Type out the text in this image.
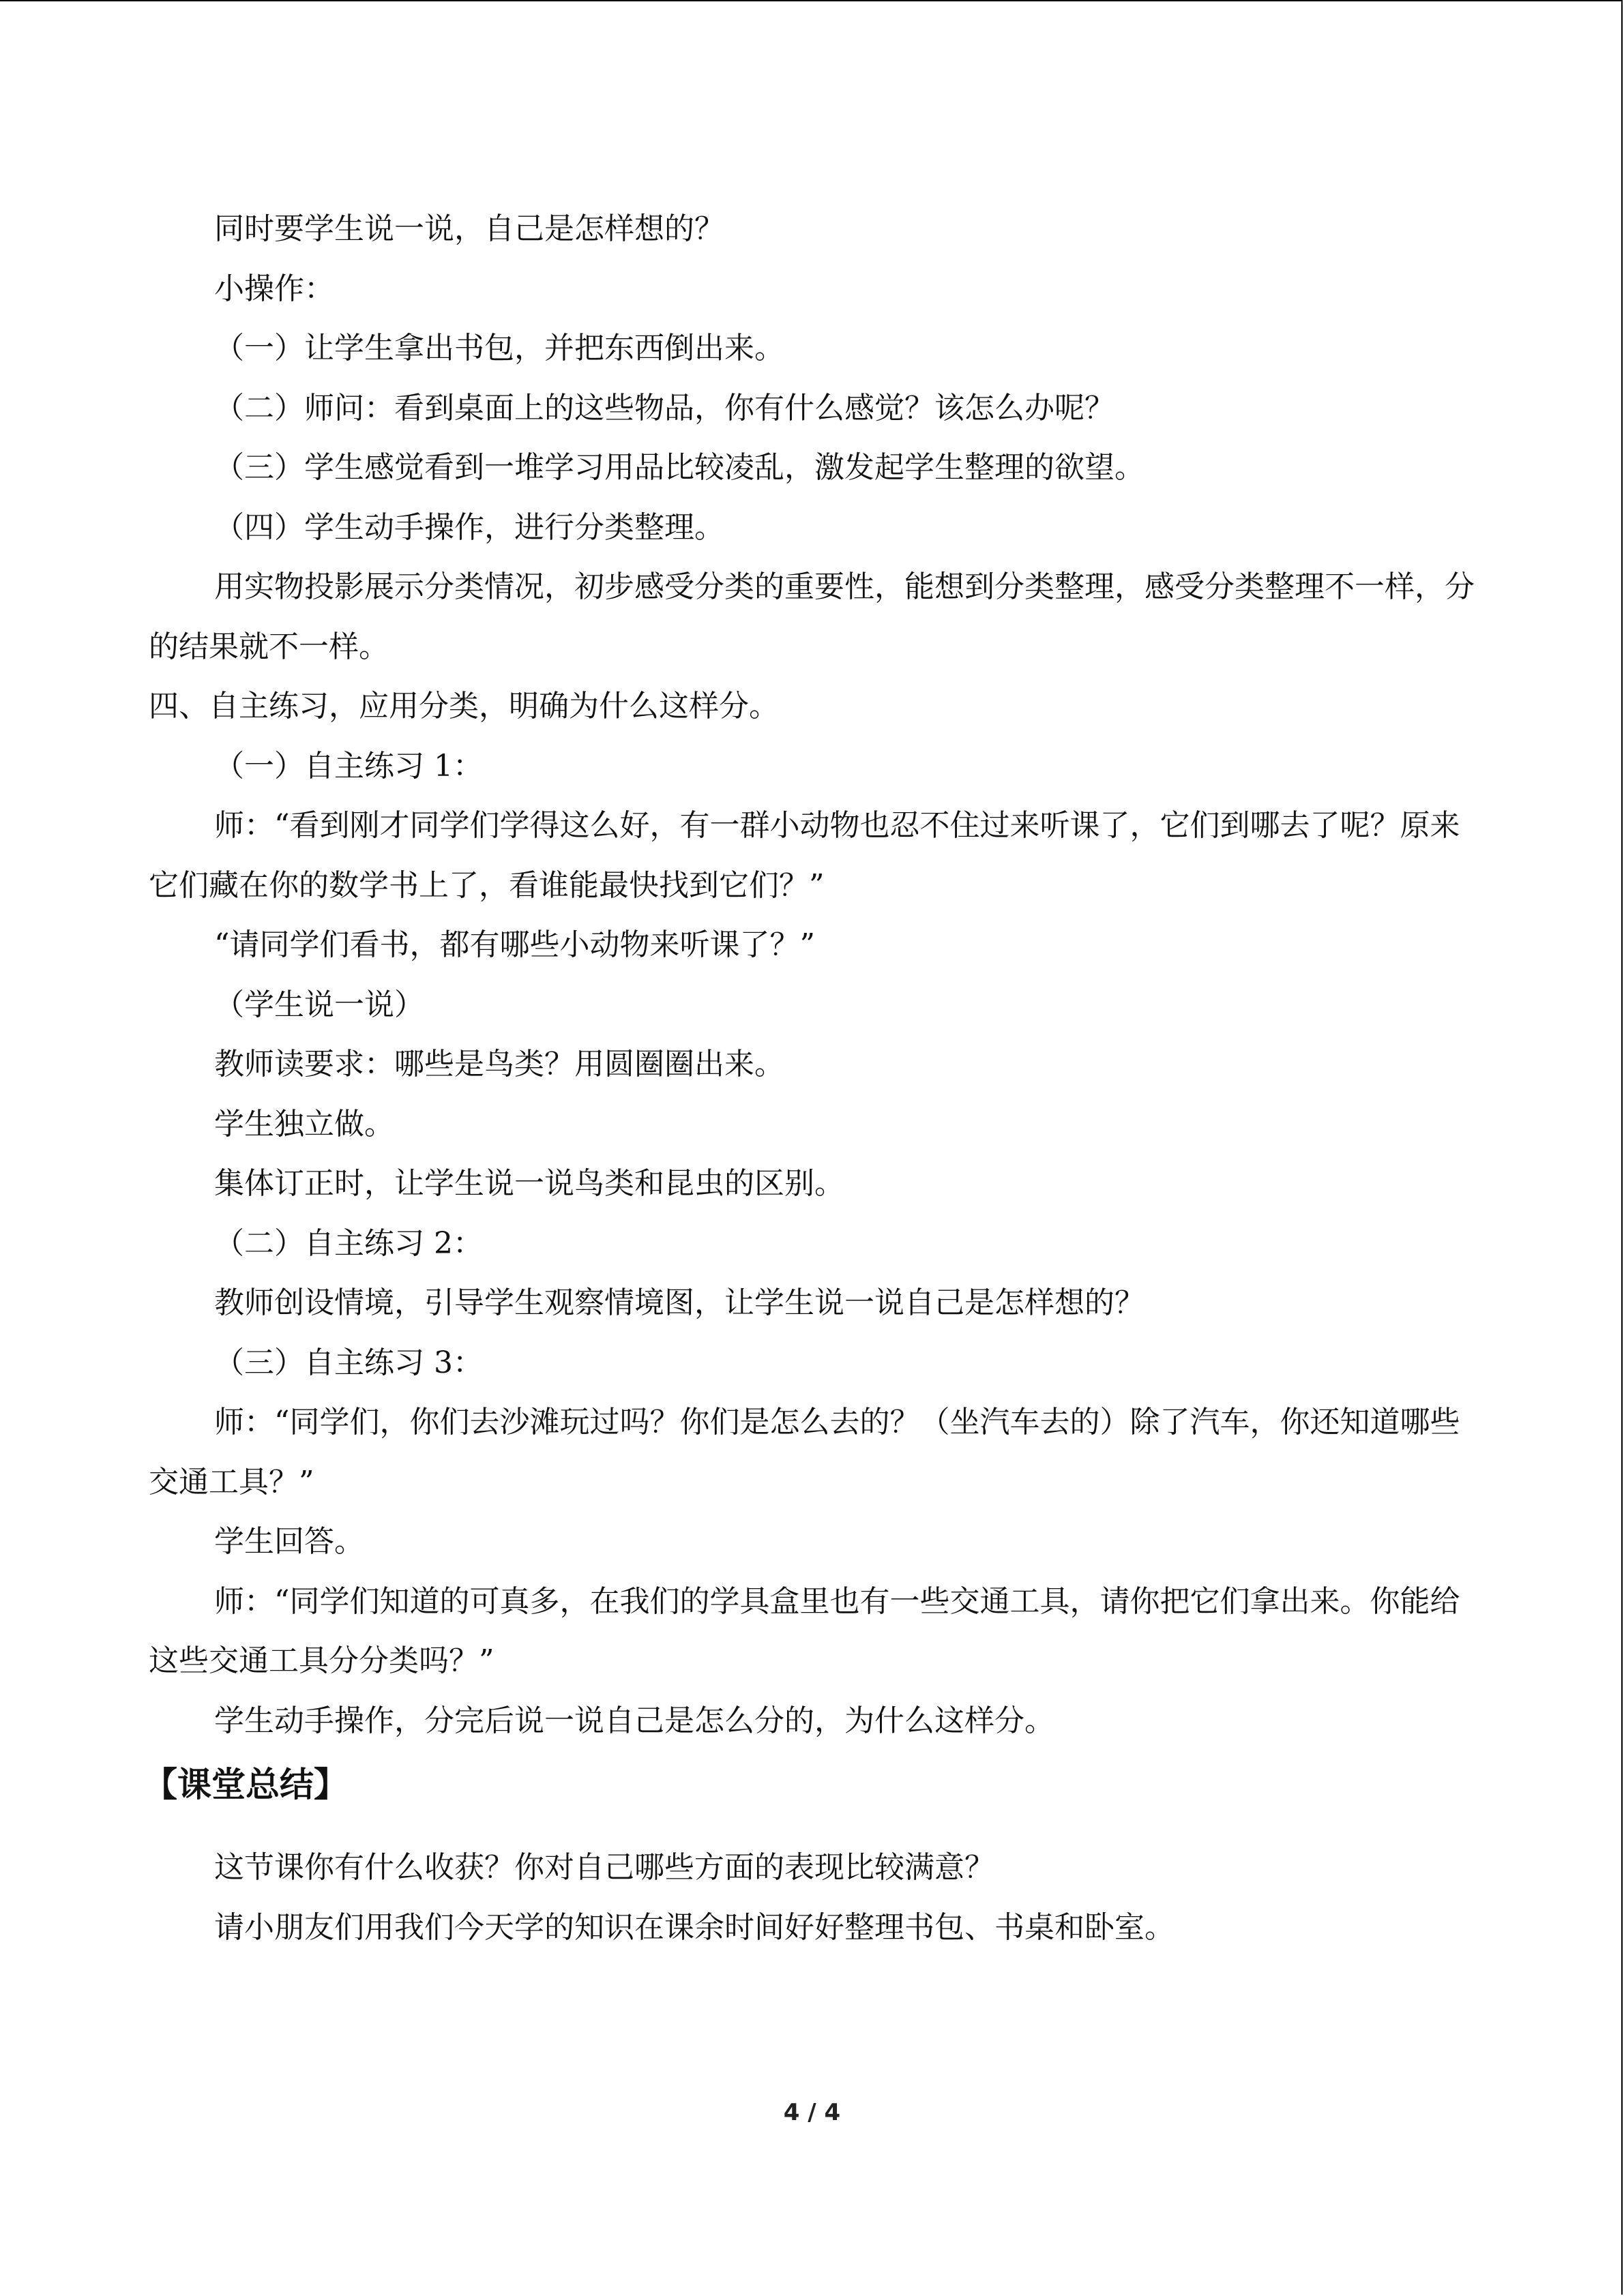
同时要学生说一说，自己是怎样想的？

小操作：

（一）让学生拿出书包，并把东西倒出来。

（二）师问：看到桌面上的这些物品，你有什么感觉？该怎么办呢？

（三）学生感觉看到一堆学习用品比较凌乱，激发起学生整理的欲望。

（四）学生动手操作，进行分类整理。

用实物投影展示分类情况，初步感受分类的重要性，能想到分类整理，感受分类整理不一样，分的结果就不一样。

四、自主练习，应用分类，明确为什么这样分。

（一）自主练习 1：

师：“看到刚才同学们学得这么好，有一群小动物也忍不住过来听课了，它们到哪去了呢？原来它们藏在你的数学书上了，看谁能最快找到它们？”

“请同学们看书，都有哪些小动物来听课了？”

（学生说一说）

教师读要求：哪些是鸟类？用圆圈圈出来。

学生独立做。

集体订正时，让学生说一说鸟类和昆虫的区别。

（二）自主练习 2：

教师创设情境，引导学生观察情境图，让学生说一说自己是怎样想的？

（三）自主练习 3：

师：“同学们，你们去沙滩玩过吗？你们是怎么去的？（坐汽车去的）除了汽车，你还知道哪些交通工具？”

学生回答。

师：“同学们知道的可真多，在我们的学具盒里也有一些交通工具，请你把它们拿出来。你能给这些交通工具分分类吗？”

学生动手操作，分完后说一说自己是怎么分的，为什么这样分。

【课堂总结】

这节课你有什么收获？你对自己哪些方面的表现比较满意？

请小朋友们用我们今天学的知识在课余时间好好整理书包、书桌和卧室。

4 / 4
